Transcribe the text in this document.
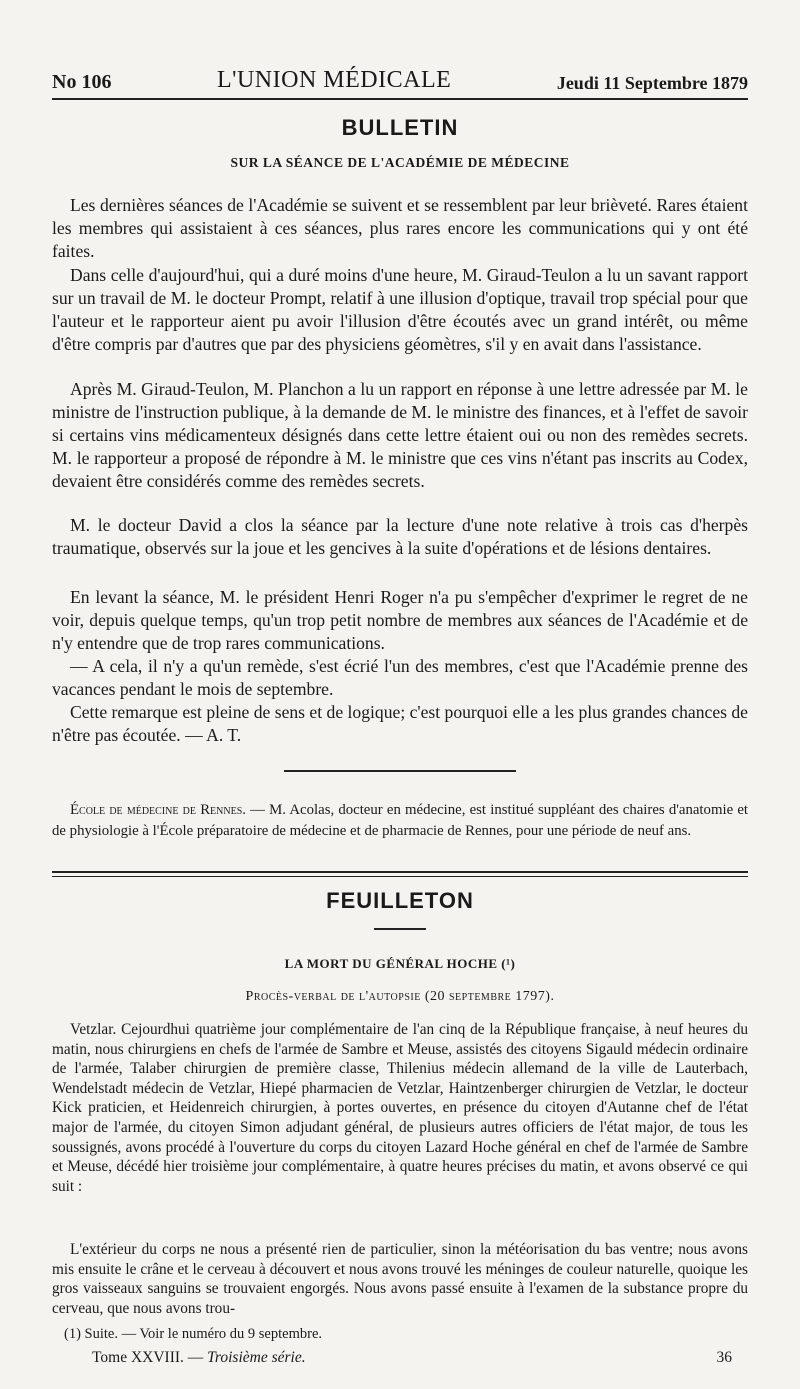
No 106	L'UNION MÉDICALE	Jeudi 11 Septembre 1879
BULLETIN
SUR LA SÉANCE DE L'ACADÉMIE DE MÉDECINE

Les dernières séances de l'Académie se suivent et se ressemblent par leur brièveté. Rares étaient les membres qui assistaient à ces séances, plus rares encore les communications qui y ont été faites.

Dans celle d'aujourd'hui, qui a duré moins d'une heure, M. Giraud-Teulon a lu un savant rapport sur un travail de M. le docteur Prompt, relatif à une illusion d'optique, travail trop spécial pour que l'auteur et le rapporteur aient pu avoir l'illusion d'être écoutés avec un grand intérêt, ou même d'être compris par d'autres que par des physiciens géomètres, s'il y en avait dans l'assistance.

Après M. Giraud-Teulon, M. Planchon a lu un rapport en réponse à une lettre adressée par M. le ministre de l'instruction publique, à la demande de M. le ministre des finances, et à l'effet de savoir si certains vins médicamenteux désignés dans cette lettre étaient oui ou non des remèdes secrets. M. le rapporteur a proposé de répondre à M. le ministre que ces vins n'étant pas inscrits au Codex, devaient être considérés comme des remèdes secrets.

M. le docteur David a clos la séance par la lecture d'une note relative à trois cas d'herpès traumatique, observés sur la joue et les gencives à la suite d'opérations et de lésions dentaires.

En levant la séance, M. le président Henri Roger n'a pu s'empêcher d'exprimer le regret de ne voir, depuis quelque temps, qu'un trop petit nombre de membres aux séances de l'Académie et de n'y entendre que de trop rares communications.

— A cela, il n'y a qu'un remède, s'est écrié l'un des membres, c'est que l'Académie prenne des vacances pendant le mois de septembre.

Cette remarque est pleine de sens et de logique; c'est pourquoi elle a les plus grandes chances de n'être pas écoutée. — A. T.

École de médecine de Rennes. — M. Acolas, docteur en médecine, est institué suppléant des chaires d'anatomie et de physiologie à l'École préparatoire de médecine et de pharmacie de Rennes, pour une période de neuf ans.

FEUILLETON
LA MORT DU GÉNÉRAL HOCHE (¹)
Procès-verbal de l'autopsie (20 septembre 1797).

Vetzlar. Cejourdhui quatrième jour complémentaire de l'an cinq de la République française, à neuf heures du matin, nous chirurgiens en chefs de l'armée de Sambre et Meuse, assistés des citoyens Sigauld médecin ordinaire de l'armée, Talaber chirurgien de première classe, Thilenius médecin allemand de la ville de Lauterbach, Wendelstadt médecin de Vetzlar, Hiepé pharmacien de Vetzlar, Haintzenberger chirurgien de Vetzlar, le docteur Kick praticien, et Heidenreich chirurgien, à portes ouvertes, en présence du citoyen d'Autanne chef de l'état major de l'armée, du citoyen Simon adjudant général, de plusieurs autres officiers de l'état major, de tous les soussignés, avons procédé à l'ouverture du corps du citoyen Lazard Hoche général en chef de l'armée de Sambre et Meuse, décédé hier troisième jour complémentaire, à quatre heures précises du matin, et avons observé ce qui suit :

L'extérieur du corps ne nous a présenté rien de particulier, sinon la météorisation du bas ventre; nous avons mis ensuite le crâne et le cerveau à découvert et nous avons trouvé les méninges de couleur naturelle, quoique les gros vaisseaux sanguins se trouvaient engorgés. Nous avons passé ensuite à l'examen de la substance propre du cerveau, que nous avons trou-

(1) Suite. — Voir le numéro du 9 septembre.
Tome XXVIII. — Troisième série.	36
